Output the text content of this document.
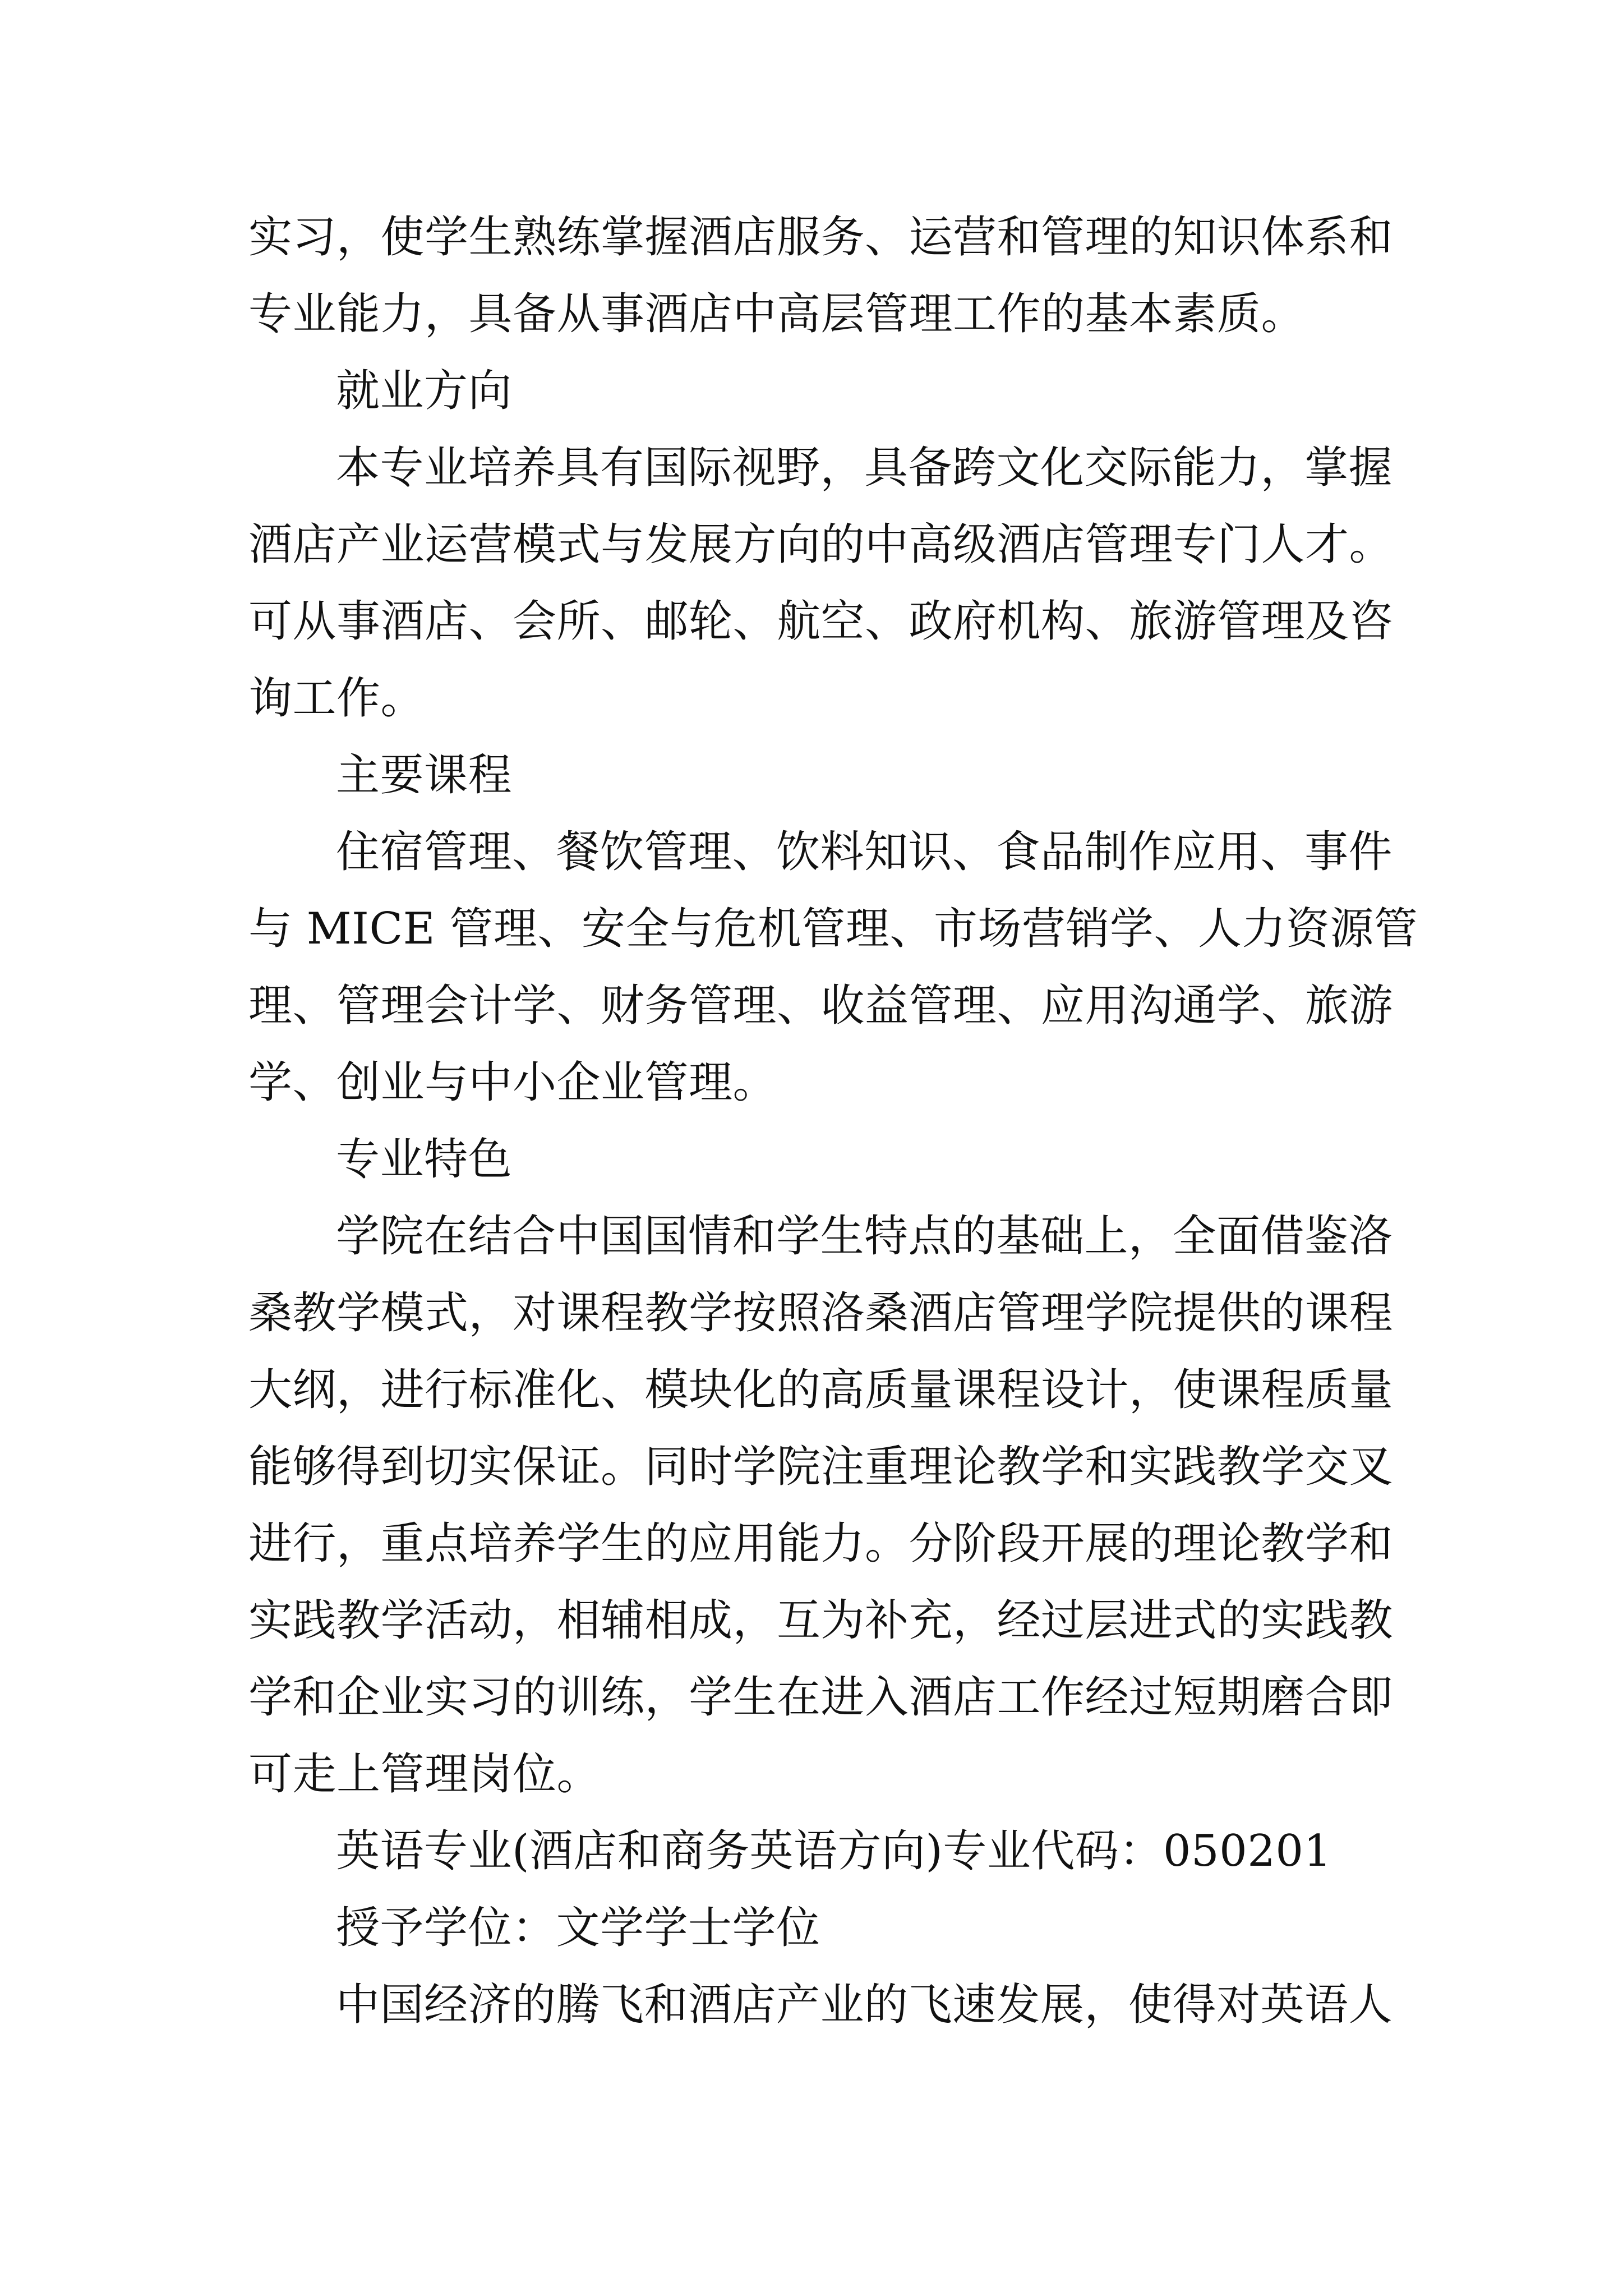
实习，使学生熟练掌握酒店服务、运营和管理的知识体系和
专业能力，具备从事酒店中高层管理工作的基本素质。
就业方向
本专业培养具有国际视野，具备跨文化交际能力，掌握
酒店产业运营模式与发展方向的中高级酒店管理专门人才。
可从事酒店、会所、邮轮、航空、政府机构、旅游管理及咨
询工作。
主要课程
住宿管理、餐饮管理、饮料知识、食品制作应用、事件
与 MICE 管理、安全与危机管理、市场营销学、人力资源管
理、管理会计学、财务管理、收益管理、应用沟通学、旅游
学、创业与中小企业管理。
专业特色
学院在结合中国国情和学生特点的基础上，全面借鉴洛
桑教学模式，对课程教学按照洛桑酒店管理学院提供的课程
大纲，进行标准化、模块化的高质量课程设计，使课程质量
能够得到切实保证。同时学院注重理论教学和实践教学交叉
进行，重点培养学生的应用能力。分阶段开展的理论教学和
实践教学活动，相辅相成，互为补充，经过层进式的实践教
学和企业实习的训练，学生在进入酒店工作经过短期磨合即
可走上管理岗位。
英语专业(酒店和商务英语方向)专业代码：050201
授予学位：文学学士学位
中国经济的腾飞和酒店产业的飞速发展，使得对英语人
